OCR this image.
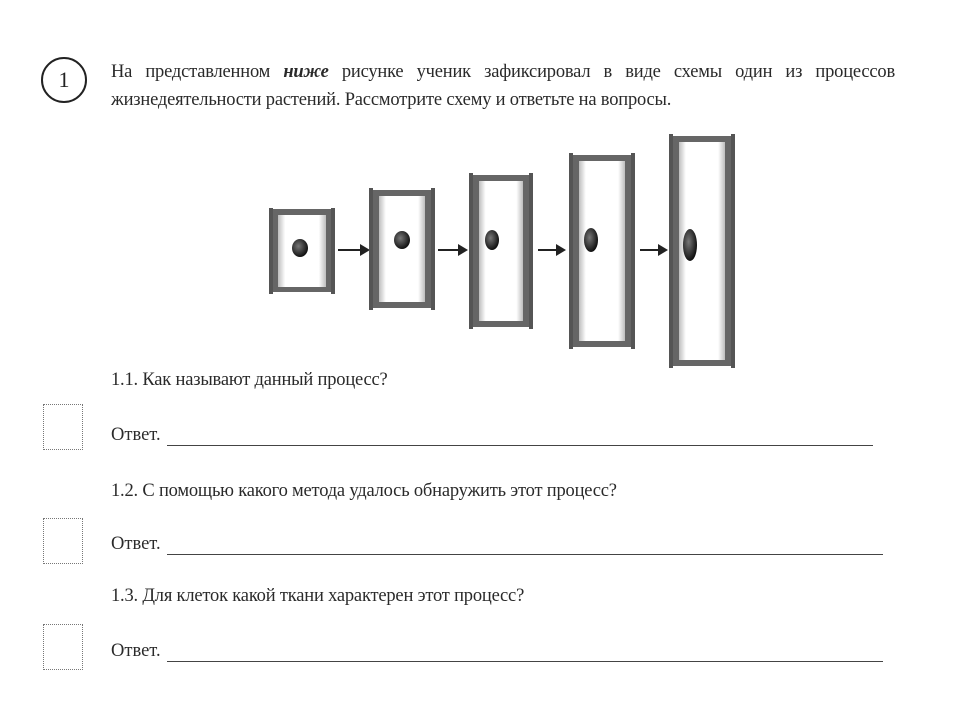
1 На представленном ниже рисунке ученик зафиксировал в виде схемы один из процессов
жизнедеятельности растений. Рассмотрите схему и ответьте на вопросы.
1.1. Как называют данный процесс?
Ответ.
1.2. С помощью какого метода удалось обнаружить этот процесс?
Ответ.
1.3. Для клеток какой ткани характерен этот процесс?
Ответ.
